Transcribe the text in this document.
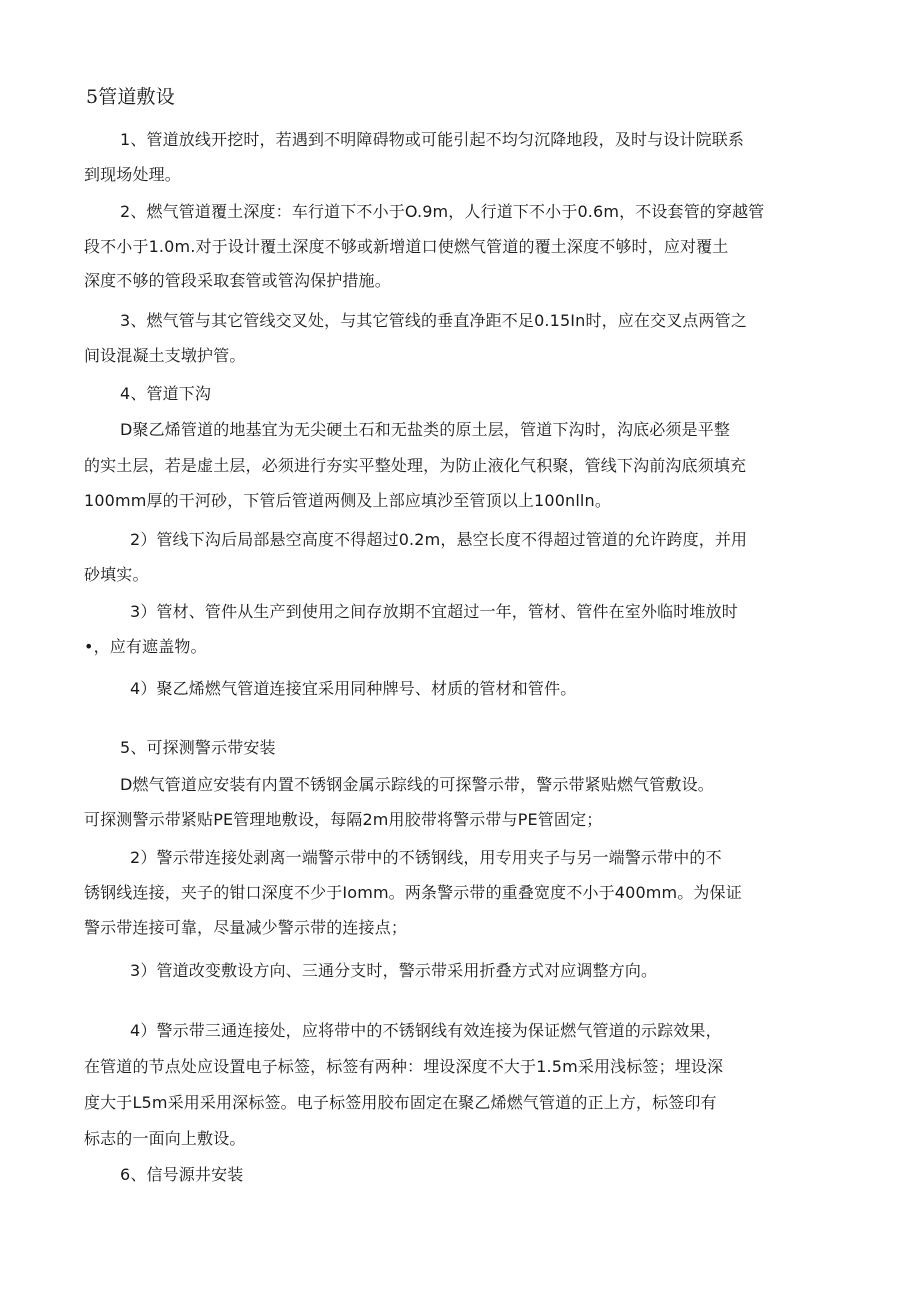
5管道敷设
1、管道放线开挖时，若遇到不明障碍物或可能引起不均匀沉降地段，及时与设计院联系
到现场处理。
2、燃气管道覆土深度：车行道下不小于O.9m，人行道下不小于0.6m，不设套管的穿越管
段不小于1.0m.对于设计覆土深度不够或新增道口使燃气管道的覆土深度不够时，应对覆土
深度不够的管段采取套管或管沟保护措施。
3、燃气管与其它管线交叉处，与其它管线的垂直净距不足0.15In时，应在交叉点两管之
间设混凝土支墩护管。
4、管道下沟
D聚乙烯管道的地基宜为无尖硬土石和无盐类的原土层，管道下沟时，沟底必须是平整
的实土层，若是虚土层，必须进行夯实平整处理，为防止液化气积聚，管线下沟前沟底须填充
100mm厚的干河砂，下管后管道两侧及上部应填沙至管顶以上100nlln。
2）管线下沟后局部悬空高度不得超过0.2m，悬空长度不得超过管道的允许跨度，并用
砂填实。
3）管材、管件从生产到使用之间存放期不宜超过一年，管材、管件在室外临时堆放时
•，应有遮盖物。
4）聚乙烯燃气管道连接宜采用同种牌号、材质的管材和管件。
5、可探测警示带安装
D燃气管道应安装有内置不锈钢金属示踪线的可探警示带，警示带紧贴燃气管敷设。
可探测警示带紧贴PE管理地敷设，每隔2m用胶带将警示带与PE管固定；
2）警示带连接处剥离一端警示带中的不锈钢线，用专用夹子与另一端警示带中的不
锈钢线连接，夹子的钳口深度不少于Iomm。两条警示带的重叠宽度不小于400mm。为保证
警示带连接可靠，尽量减少警示带的连接点；
3）管道改变敷设方向、三通分支时，警示带采用折叠方式对应调整方向。
4）警示带三通连接处，应将带中的不锈钢线有效连接为保证燃气管道的示踪效果，
在管道的节点处应设置电子标签，标签有两种：埋设深度不大于1.5m采用浅标签；埋设深
度大于L5m采用采用深标签。电子标签用胶布固定在聚乙烯燃气管道的正上方，标签印有
标志的一面向上敷设。
6、信号源井安装
